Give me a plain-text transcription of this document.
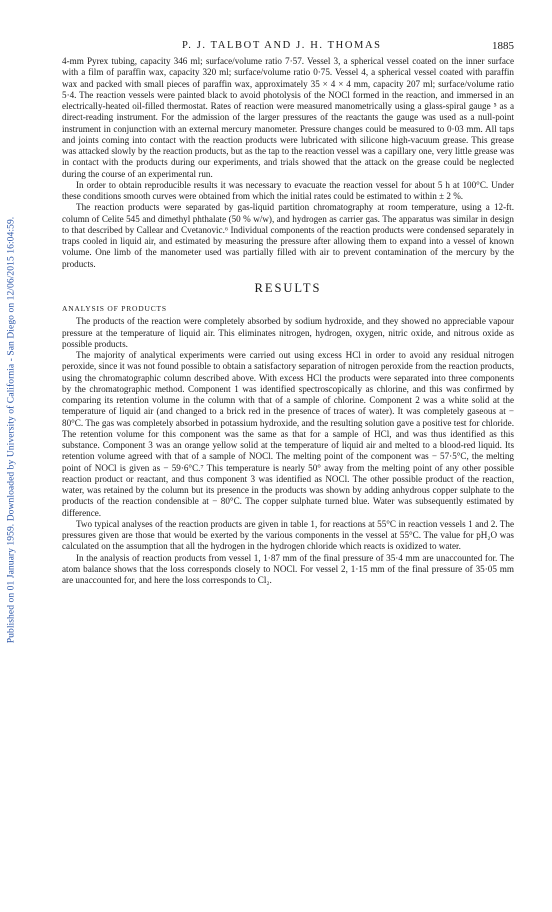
Published on 01 January 1959. Downloaded by University of California - San Diego on 12/06/2015 16:04:59.
P. J. TALBOT AND J. H. THOMAS	1885

4-mm Pyrex tubing, capacity 346 ml; surface/volume ratio 7·57. Vessel 3, a spherical vessel coated on the inner surface with a film of paraffin wax, capacity 320 ml; surface/volume ratio 0·75. Vessel 4, a spherical vessel coated with paraffin wax and packed with small pieces of paraffin wax, approximately 35 × 4 × 4 mm, capacity 207 ml; surface/volume ratio 5·4. The reaction vessels were painted black to avoid photolysis of the NOCl formed in the reaction, and immersed in an electrically-heated oil-filled thermostat. Rates of reaction were measured manometrically using a glass-spiral gauge ⁵ as a direct-reading instrument. For the admission of the larger pressures of the reactants the gauge was used as a null-point instrument in conjunction with an external mercury manometer. Pressure changes could be measured to 0·03 mm. All taps and joints coming into contact with the reaction products were lubricated with silicone high-vacuum grease. This grease was attacked slowly by the reaction products, but as the tap to the reaction vessel was a capillary one, very little grease was in contact with the products during our experiments, and trials showed that the attack on the grease could be neglected during the course of an experimental run.

In order to obtain reproducible results it was necessary to evacuate the reaction vessel for about 5 h at 100°C. Under these conditions smooth curves were obtained from which the initial rates could be estimated to within ± 2 %.

The reaction products were separated by gas-liquid partition chromatography at room temperature, using a 12-ft. column of Celite 545 and dimethyl phthalate (50 % w/w), and hydrogen as carrier gas. The apparatus was similar in design to that described by Callear and Cvetanovic.⁶ Individual components of the reaction products were condensed separately in traps cooled in liquid air, and estimated by measuring the pressure after allowing them to expand into a vessel of known volume. One limb of the manometer used was partially filled with air to prevent contamination of the mercury by the products.

RESULTS
ANALYSIS OF PRODUCTS

The products of the reaction were completely absorbed by sodium hydroxide, and they showed no appreciable vapour pressure at the temperature of liquid air. This eliminates nitrogen, hydrogen, oxygen, nitric oxide, and nitrous oxide as possible products.

The majority of analytical experiments were carried out using excess HCl in order to avoid any residual nitrogen peroxide, since it was not found possible to obtain a satisfactory separation of nitrogen peroxide from the reaction products, using the chromatographic column described above. With excess HCl the products were separated into three components by the chromatographic method. Component 1 was identified spectroscopically as chlorine, and this was confirmed by comparing its retention volume in the column with that of a sample of chlorine. Component 2 was a white solid at the temperature of liquid air (and changed to a brick red in the presence of traces of water). It was completely gaseous at − 80°C. The gas was completely absorbed in potassium hydroxide, and the resulting solution gave a positive test for chloride. The retention volume for this component was the same as that for a sample of HCl, and was thus identified as this substance. Component 3 was an orange yellow solid at the temperature of liquid air and melted to a blood-red liquid. Its retention volume agreed with that of a sample of NOCl. The melting point of the component was − 57·5°C, the melting point of NOCl is given as − 59·6°C.⁷ This temperature is nearly 50° away from the melting point of any other possible reaction product or reactant, and thus component 3 was identified as NOCl. The other possible product of the reaction, water, was retained by the column but its presence in the products was shown by adding anhydrous copper sulphate to the products of the reaction condensible at − 80°C. The copper sulphate turned blue. Water was subsequently estimated by difference.

Two typical analyses of the reaction products are given in table 1, for reactions at 55°C in reaction vessels 1 and 2. The pressures given are those that would be exerted by the various components in the vessel at 55°C. The value for pH₂O was calculated on the assumption that all the hydrogen in the hydrogen chloride which reacts is oxidized to water.

In the analysis of reaction products from vessel 1, 1·87 mm of the final pressure of 35·4 mm are unaccounted for. The atom balance shows that the loss corresponds closely to NOCl. For vessel 2, 1·15 mm of the final pressure of 35·05 mm are unaccounted for, and here the loss corresponds to Cl₂.
